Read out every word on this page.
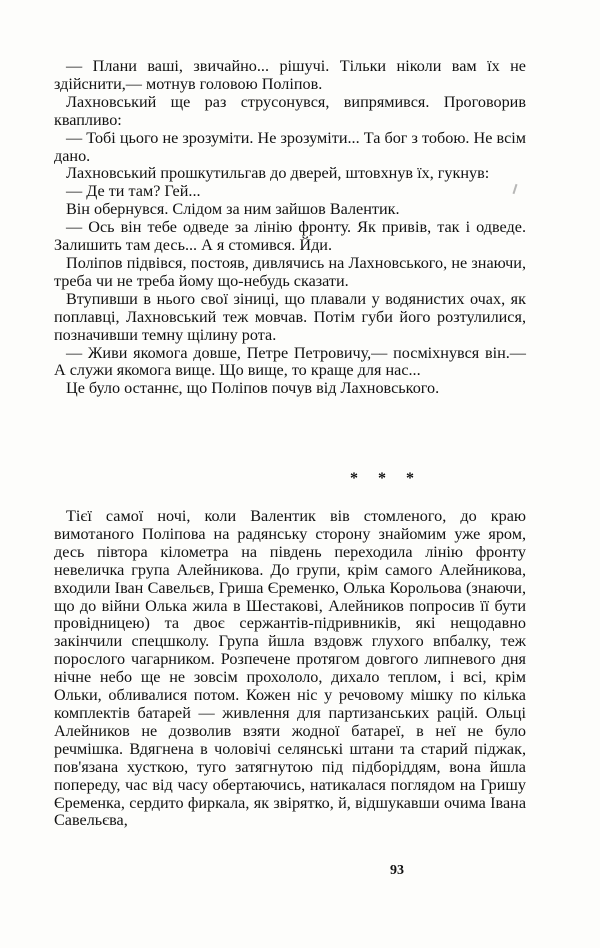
— Плани ваші, звичайно... рішучі. Тільки ніколи вам їх не здійснити,— мотнув головою Поліпов.

Лахновський ще раз струсонувся, випрямився. Проговорив квапливо:

— Тобі цього не зрозуміти. Не зрозуміти... Та бог з тобою. Не всім дано.

Лахновський прошкутильгав до дверей, штовхнув їх, гукнув:

— Де ти там? Гей...

Він обернувся. Слідом за ним зайшов Валентик.

— Ось він тебе одведе за лінію фронту. Як привів, так і одведе. Залишить там десь... А я стомився. Йди.

Поліпов підвівся, постояв, дивлячись на Лахновського, не знаючи, треба чи не треба йому що-небудь сказати.

Втупивши в нього свої зіниці, що плавали у водянистих очах, як поплавці, Лахновський теж мовчав. Потім губи його розтулилися, позначивши темну щілину рота.

— Живи якомога довше, Петре Петровичу,— посміхнувся він.— А служи якомога вище. Що вище, то краще для нас...

Це було останнє, що Поліпов почув від Лахновського.

* * *

Тієї самої ночі, коли Валентик вів стомленого, до краю вимотаного Поліпова на радянську сторону знайомим уже яром, десь півтора кілометра на південь переходила лінію фронту невеличка група Алейникова. До групи, крім самого Алейникова, входили Іван Савельєв, Гриша Єременко, Олька Корольова (знаючи, що до війни Олька жила в Шестакові, Алейников попросив її бути провідницею) та двоє сержантів-підривників, які нещодавно закінчили спецшколу. Група йшла вздовж глухого впбалку, теж порослого чагарником. Розпечене протягом довгого липневого дня нічне небо ще не зовсім прохололо, дихало теплом, і всі, крім Ольки, обливалися потом. Кожен ніс у речовому мішку по кілька комплектів батарей — живлення для партизанських рацій. Ольці Алейников не дозволив взяти жодної батареї, в неї не було речмішка. Вдягнена в чоловічі селянські штани та старий піджак, пов'язана хусткою, туго затягнутою під підборіддям, вона йшла попереду, час від часу обертаючись, натикалася поглядом на Гришу Єременка, сердито фиркала, як звірятко, й, відшукавши очима Івана Савельєва,

93
